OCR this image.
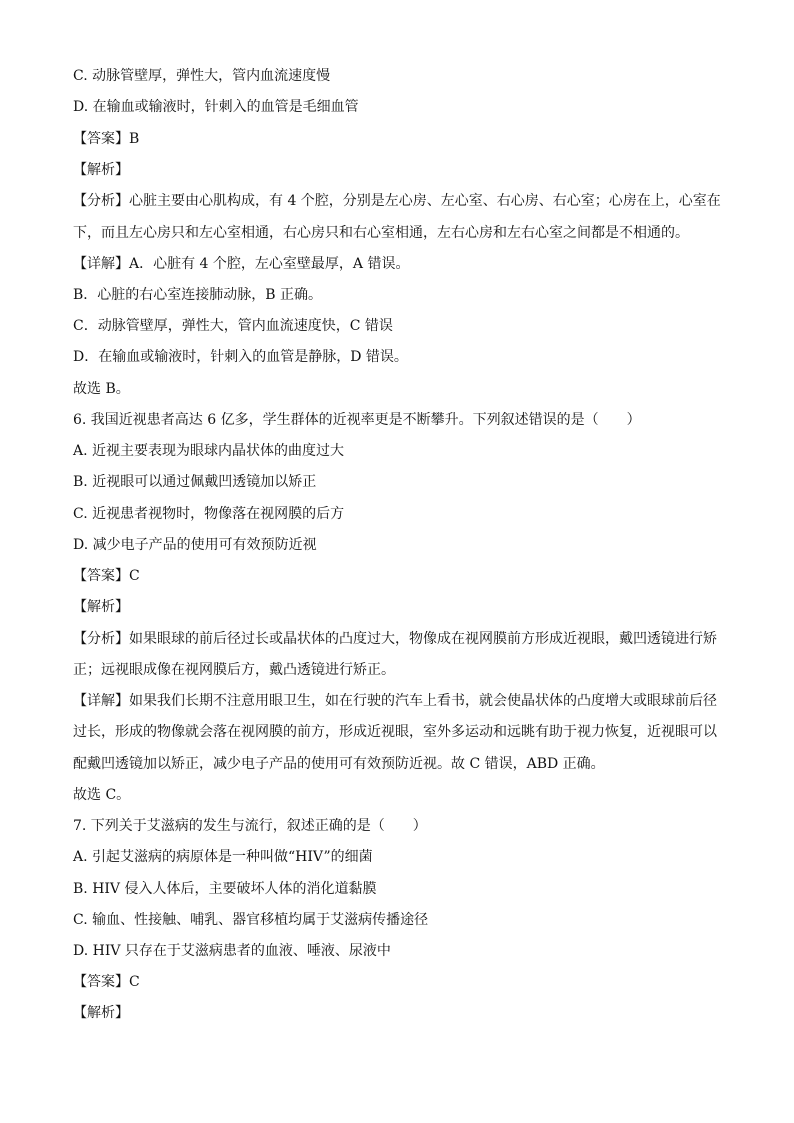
C. 动脉管壁厚，弹性大，管内血流速度慢
D. 在输血或输液时，针刺入的血管是毛细血管
【答案】B
【解析】
【分析】心脏主要由心肌构成，有 4 个腔，分别是左心房、左心室、右心房、右心室；心房在上，心室在
下，而且左心房只和左心室相通，右心房只和右心室相通，左右心房和左右心室之间都是不相通的。
【详解】A．心脏有 4 个腔，左心室壁最厚，A 错误。
B．心脏的右心室连接肺动脉，B 正确。
C．动脉管壁厚，弹性大，管内血流速度快，C 错误
D．在输血或输液时，针刺入的血管是静脉，D 错误。
故选 B。
6. 我国近视患者高达 6 亿多，学生群体的近视率更是不断攀升。下列叙述错误的是（　　）
A. 近视主要表现为眼球内晶状体的曲度过大
B. 近视眼可以通过佩戴凹透镜加以矫正
C. 近视患者视物时，物像落在视网膜的后方
D. 减少电子产品的使用可有效预防近视
【答案】C
【解析】
【分析】如果眼球的前后径过长或晶状体的凸度过大，物像成在视网膜前方形成近视眼，戴凹透镜进行矫
正；远视眼成像在视网膜后方，戴凸透镜进行矫正。
【详解】如果我们长期不注意用眼卫生，如在行驶的汽车上看书，就会使晶状体的凸度增大或眼球前后径
过长，形成的物像就会落在视网膜的前方，形成近视眼，室外多运动和远眺有助于视力恢复，近视眼可以
配戴凹透镜加以矫正，减少电子产品的使用可有效预防近视。故 C 错误，ABD 正确。
故选 C。
7. 下列关于艾滋病的发生与流行，叙述正确的是（　　）
A. 引起艾滋病的病原体是一种叫做“HIV”的细菌
B. HIV 侵入人体后，主要破坏人体的消化道黏膜
C. 输血、性接触、哺乳、器官移植均属于艾滋病传播途径
D. HIV 只存在于艾滋病患者的血液、唾液、尿液中
【答案】C
【解析】
